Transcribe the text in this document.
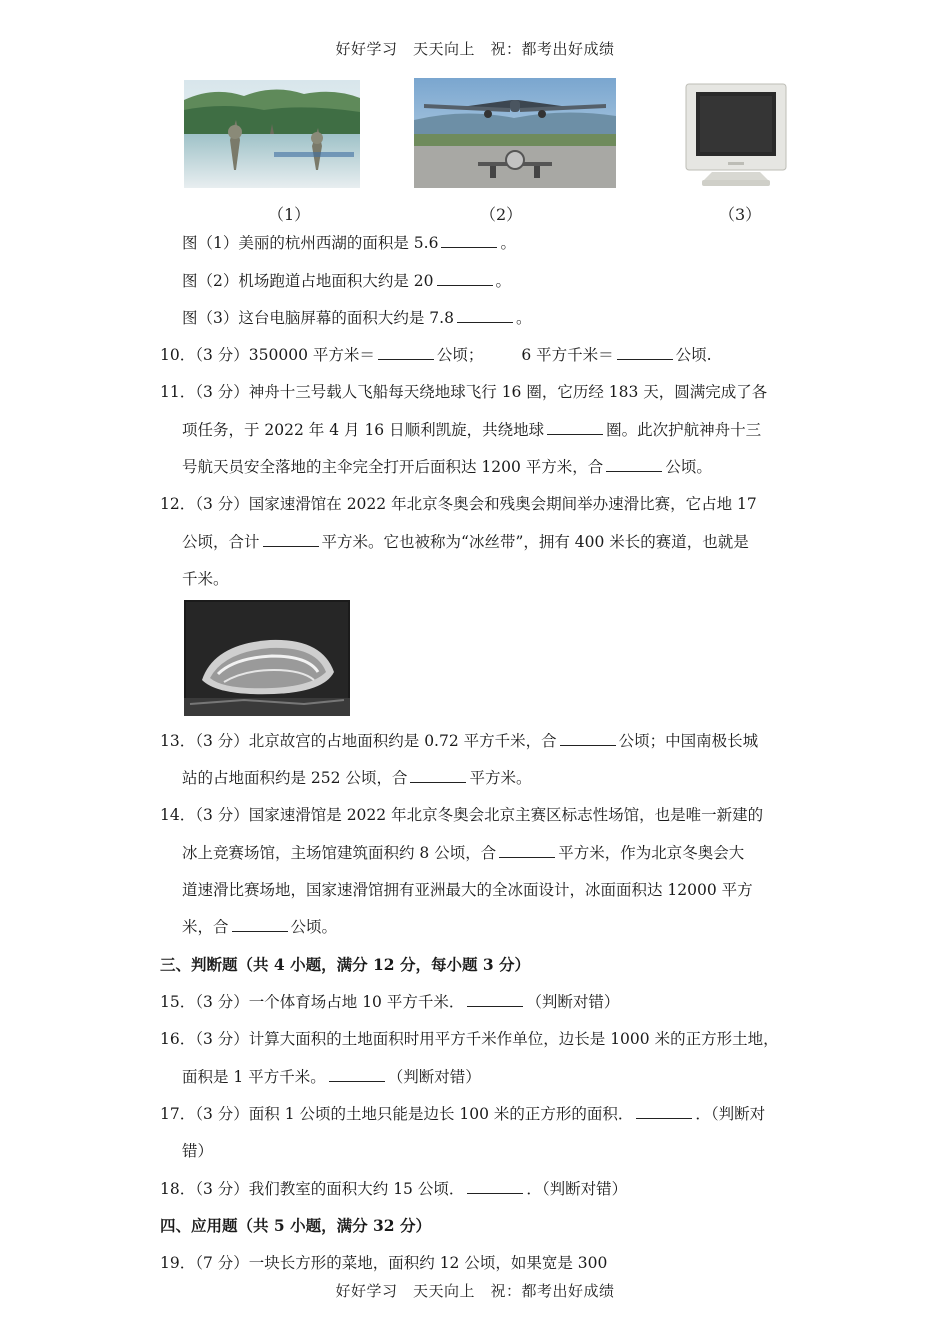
好好学习　天天向上　祝：都考出好成绩
（1）	（2）	（3）
图（1）美丽的杭州西湖的面积是 5.6	。
图（2）机场跑道占地面积大约是 20	。
图（3）这台电脑屏幕的面积大约是 7.8	。
10．（3 分）350000 平方米＝	公顷； 6 平方千米＝	公顷.
11．（3 分）神舟十三号载人飞船每天绕地球飞行 16 圈，它历经 183 天，圆满完成了各
项任务，于 2022 年 4 月 16 日顺利凯旋，共绕地球	圈。此次护航神舟十三
号航天员安全落地的主伞完全打开后面积达 1200 平方米，合	公顷。
12．（3 分）国家速滑馆在 2022 年北京冬奥会和残奥会期间举办速滑比赛，它占地 17
公顷，合计	平方米。它也被称为“冰丝带”，拥有 400 米长的赛道，也就是
千米。
13．（3 分）北京故宫的占地面积约是 0.72 平方千米，合	公顷；中国南极长城
站的占地面积约是 252 公顷，合	平方米。
14．（3 分）国家速滑馆是 2022 年北京冬奥会北京主赛区标志性场馆，也是唯一新建的
冰上竞赛场馆，主场馆建筑面积约 8 公顷，合	平方米，作为北京冬奥会大
道速滑比赛场地，国家速滑馆拥有亚洲最大的全冰面设计，冰面面积达 12000 平方
米，合	公顷。
三、判断题（共 4 小题，满分 12 分，每小题 3 分）
15．（3 分）一个体育场占地 10 平方千米．	（判断对错）
16．（3 分）计算大面积的土地面积时用平方千米作单位，边长是 1000 米的正方形土地，
面积是 1 平方千米。	（判断对错）
17．（3 分）面积 1 公顷的土地只能是边长 100 米的正方形的面积．	．（判断对
错）
18．（3 分）我们教室的面积大约 15 公顷．	．（判断对错）
四、应用题（共 5 小题，满分 32 分）
19．（7 分）一块长方形的菜地，面积约 12 公顷，如果宽是 300
好好学习　天天向上　祝：都考出好成绩
